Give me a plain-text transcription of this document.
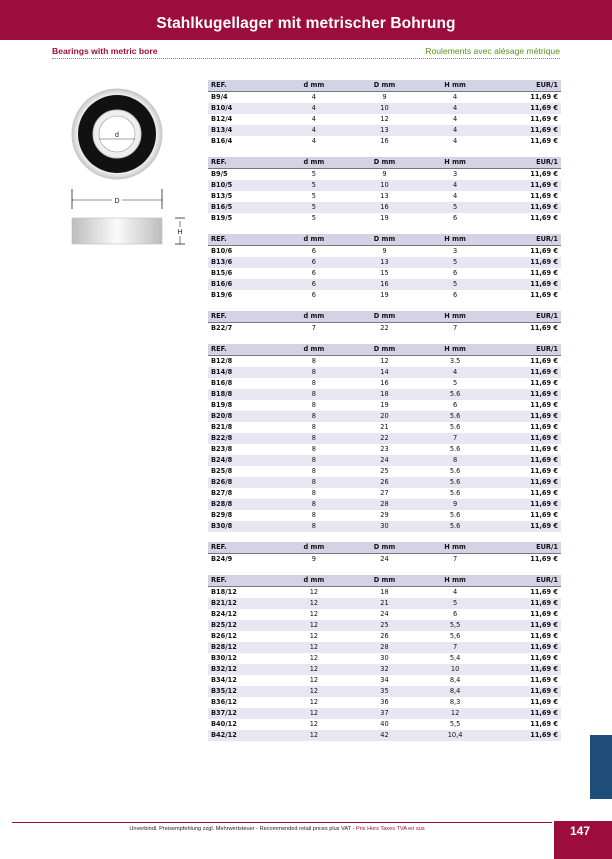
Stahlkugellager mit metrischer Bohrung
Bearings with metric bore	Roulements avec alésage métrique
d
D
H
REF.	d mm	D mm	H mm	EUR/1
B9/4	4	9	4	11,69 €
B10/4	4	10	4	11,69 €
B12/4	4	12	4	11,69 €
B13/4	4	13	4	11,69 €
B16/4	4	16	4	11,69 €
REF.	d mm	D mm	H mm	EUR/1
B9/5	5	9	3	11,69 €
B10/5	5	10	4	11,69 €
B13/5	5	13	4	11,69 €
B16/5	5	16	5	11,69 €
B19/5	5	19	6	11,69 €
REF.	d mm	D mm	H mm	EUR/1
B10/6	6	9	3	11,69 €
B13/6	6	13	5	11,69 €
B15/6	6	15	6	11,69 €
B16/6	6	16	5	11,69 €
B19/6	6	19	6	11,69 €
REF.	d mm	D mm	H mm	EUR/1
B22/7	7	22	7	11,69 €
REF.	d mm	D mm	H mm	EUR/1
B12/8	8	12	3.5	11,69 €
B14/8	8	14	4	11,69 €
B16/8	8	16	5	11,69 €
B18/8	8	18	5.6	11,69 €
B19/8	8	19	6	11,69 €
B20/8	8	20	5.6	11,69 €
B21/8	8	21	5.6	11,69 €
B22/8	8	22	7	11,69 €
B23/8	8	23	5.6	11,69 €
B24/8	8	24	8	11,69 €
B25/8	8	25	5.6	11,69 €
B26/8	8	26	5.6	11,69 €
B27/8	8	27	5.6	11,69 €
B28/8	8	28	9	11,69 €
B29/8	8	29	5.6	11,69 €
B30/8	8	30	5.6	11,69 €
REF.	d mm	D mm	H mm	EUR/1
B24/9	9	24	7	11,69 €
REF.	d mm	D mm	H mm	EUR/1
B18/12	12	18	4	11,69 €
B21/12	12	21	5	11,69 €
B24/12	12	24	6	11,69 €
B25/12	12	25	5,5	11,69 €
B26/12	12	26	5,6	11,69 €
B28/12	12	28	7	11,69 €
B30/12	12	30	5,4	11,69 €
B32/12	12	32	10	11,69 €
B34/12	12	34	8,4	11,69 €
B35/12	12	35	8,4	11,69 €
B36/12	12	36	8,3	11,69 €
B37/12	12	37	12	11,69 €
B40/12	12	40	5,5	11,69 €
B42/12	12	42	10,4	11,69 €
Unverbindl. Preisempfehlung zzgl. Mehrwertsteuer - Recommended retail prices plus VAT - Prix Hors Taxes TVA en sus	147
